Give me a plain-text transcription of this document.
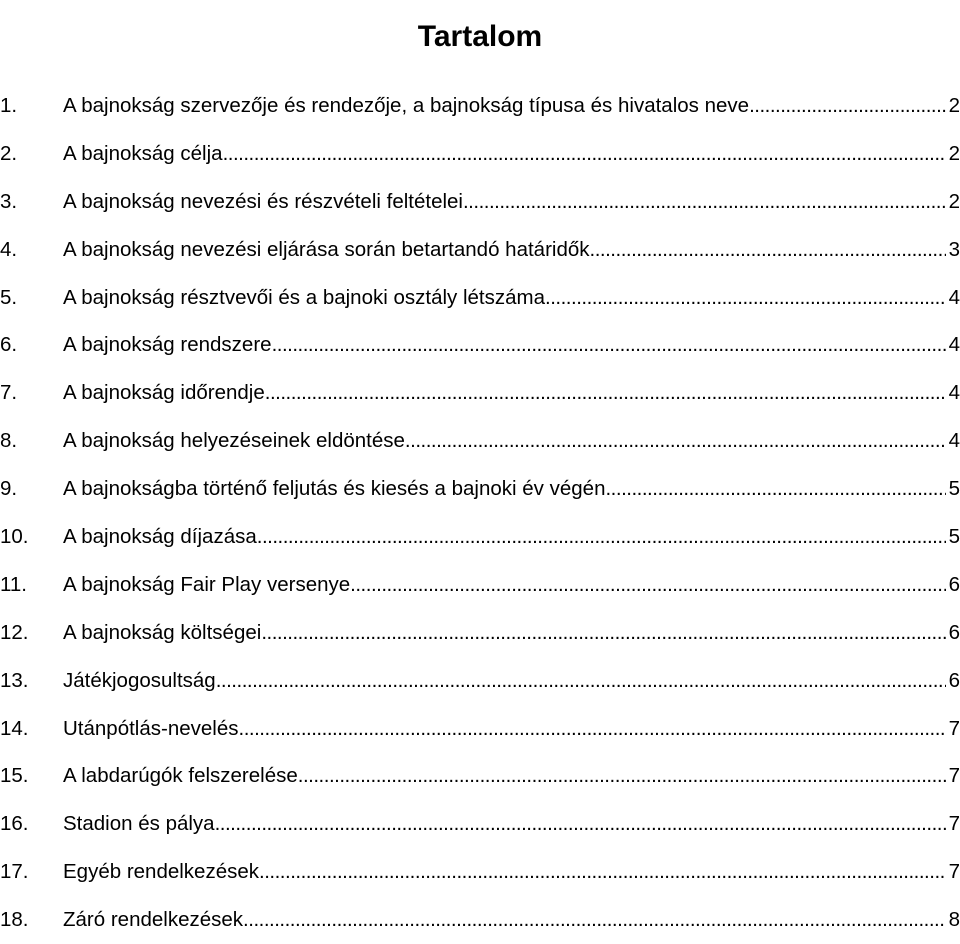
Tartalom
1.	A bajnokság szervezője és rendezője, a bajnokság típusa és hivatalos neve .....	2
2.	A bajnokság célja .....	2
3.	A bajnokság nevezési és részvételi feltételei .....	2
4.	A bajnokság nevezési eljárása során betartandó határidők .....	3
5.	A bajnokság résztvevői és a bajnoki osztály létszáma .....	4
6.	A bajnokság rendszere .....	4
7.	A bajnokság időrendje .....	4
8.	A bajnokság helyezéseinek eldöntése .....	4
9.	A bajnokságba történő feljutás és kiesés a bajnoki év végén .....	5
10.	A bajnokság díjazása .....	5
11.	A bajnokság Fair Play versenye .....	6
12.	A bajnokság költségei .....	6
13.	Játékjogosultság .....	6
14.	Utánpótlás-nevelés .....	7
15.	A labdarúgók felszerelése .....	7
16.	Stadion és pálya .....	7
17.	Egyéb rendelkezések .....	7
18.	Záró rendelkezések .....	8
